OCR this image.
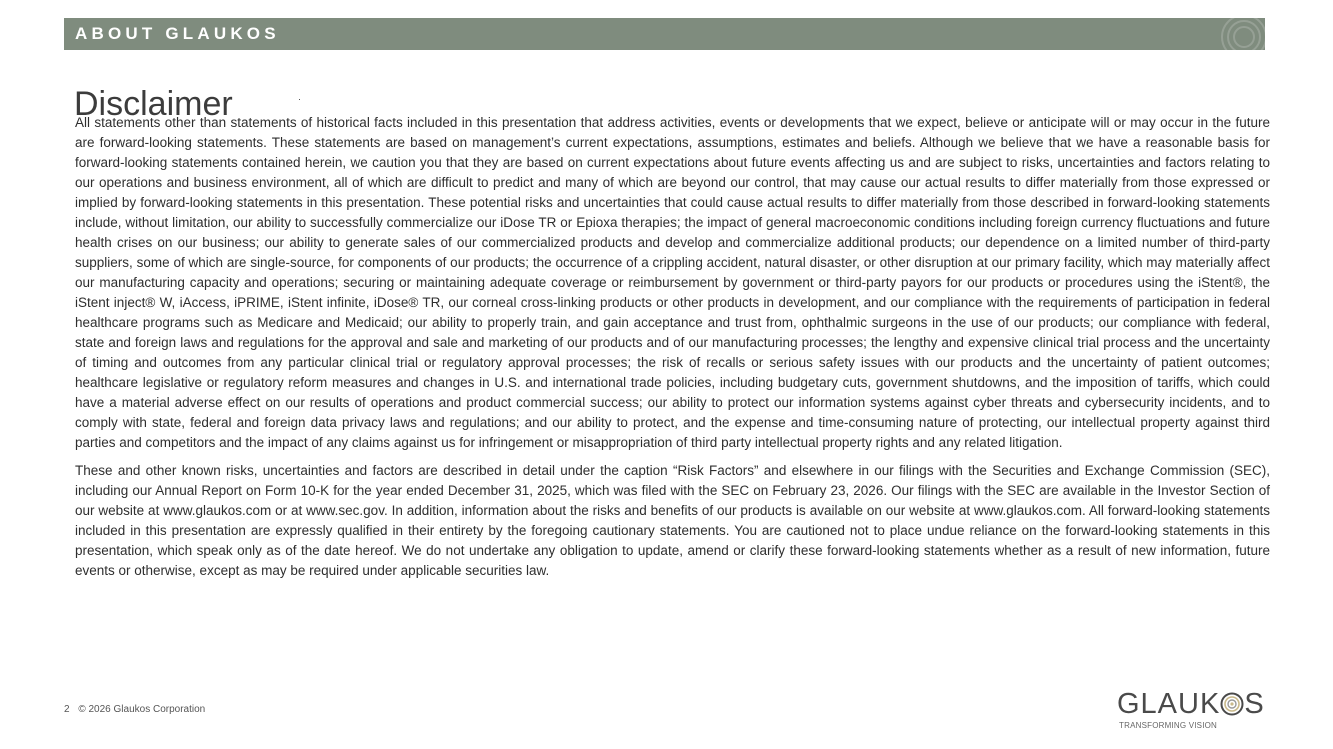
ABOUT GLAUKOS
Disclaimer

All statements other than statements of historical facts included in this presentation that address activities, events or developments that we expect, believe or anticipate will or may occur in the future are forward-looking statements. These statements are based on management’s current expectations, assumptions, estimates and beliefs. Although we believe that we have a reasonable basis for forward-looking statements contained herein, we caution you that they are based on current expectations about future events affecting us and are subject to risks, uncertainties and factors relating to our operations and business environment, all of which are difficult to predict and many of which are beyond our control, that may cause our actual results to differ materially from those expressed or implied by forward-looking statements in this presentation. These potential risks and uncertainties that could cause actual results to differ materially from those described in forward-looking statements include, without limitation, our ability to successfully commercialize our iDose TR or Epioxa therapies; the impact of general macroeconomic conditions including foreign currency fluctuations and future health crises on our business; our ability to generate sales of our commercialized products and develop and commercialize additional products; our dependence on a limited number of third-party suppliers, some of which are single-source, for components of our products; the occurrence of a crippling accident, natural disaster, or other disruption at our primary facility, which may materially affect our manufacturing capacity and operations; securing or maintaining adequate coverage or reimbursement by government or third-party payors for our products or procedures using the iStent®, the iStent inject® W, iAccess, iPRIME, iStent infinite, iDose® TR, our corneal cross-linking products or other products in development, and our compliance with the requirements of participation in federal healthcare programs such as Medicare and Medicaid; our ability to properly train, and gain acceptance and trust from, ophthalmic surgeons in the use of our products; our compliance with federal, state and foreign laws and regulations for the approval and sale and marketing of our products and of our manufacturing processes; the lengthy and expensive clinical trial process and the uncertainty of timing and outcomes from any particular clinical trial or regulatory approval processes; the risk of recalls or serious safety issues with our products and the uncertainty of patient outcomes; healthcare legislative or regulatory reform measures and changes in U.S. and international trade policies, including budgetary cuts, government shutdowns, and the imposition of tariffs, which could have a material adverse effect on our results of operations and product commercial success; our ability to protect our information systems against cyber threats and cybersecurity incidents, and to comply with state, federal and foreign data privacy laws and regulations; and our ability to protect, and the expense and time-consuming nature of protecting, our intellectual property against third parties and competitors and the impact of any claims against us for infringement or misappropriation of third party intellectual property rights and any related litigation.

These and other known risks, uncertainties and factors are described in detail under the caption “Risk Factors” and elsewhere in our filings with the Securities and Exchange Commission (SEC), including our Annual Report on Form 10-K for the year ended December 31, 2025, which was filed with the SEC on February 23, 2026. Our filings with the SEC are available in the Investor Section of our website at www.glaukos.com or at www.sec.gov. In addition, information about the risks and benefits of our products is available on our website at www.glaukos.com. All forward-looking statements included in this presentation are expressly qualified in their entirety by the foregoing cautionary statements. You are cautioned not to place undue reliance on the forward-looking statements in this presentation, which speak only as of the date hereof. We do not undertake any obligation to update, amend or clarify these forward-looking statements whether as a result of new information, future events or otherwise, except as may be required under applicable securities law.

2 © 2026 Glaukos Corporation	GLAUK S
TRANSFORMING VISION
